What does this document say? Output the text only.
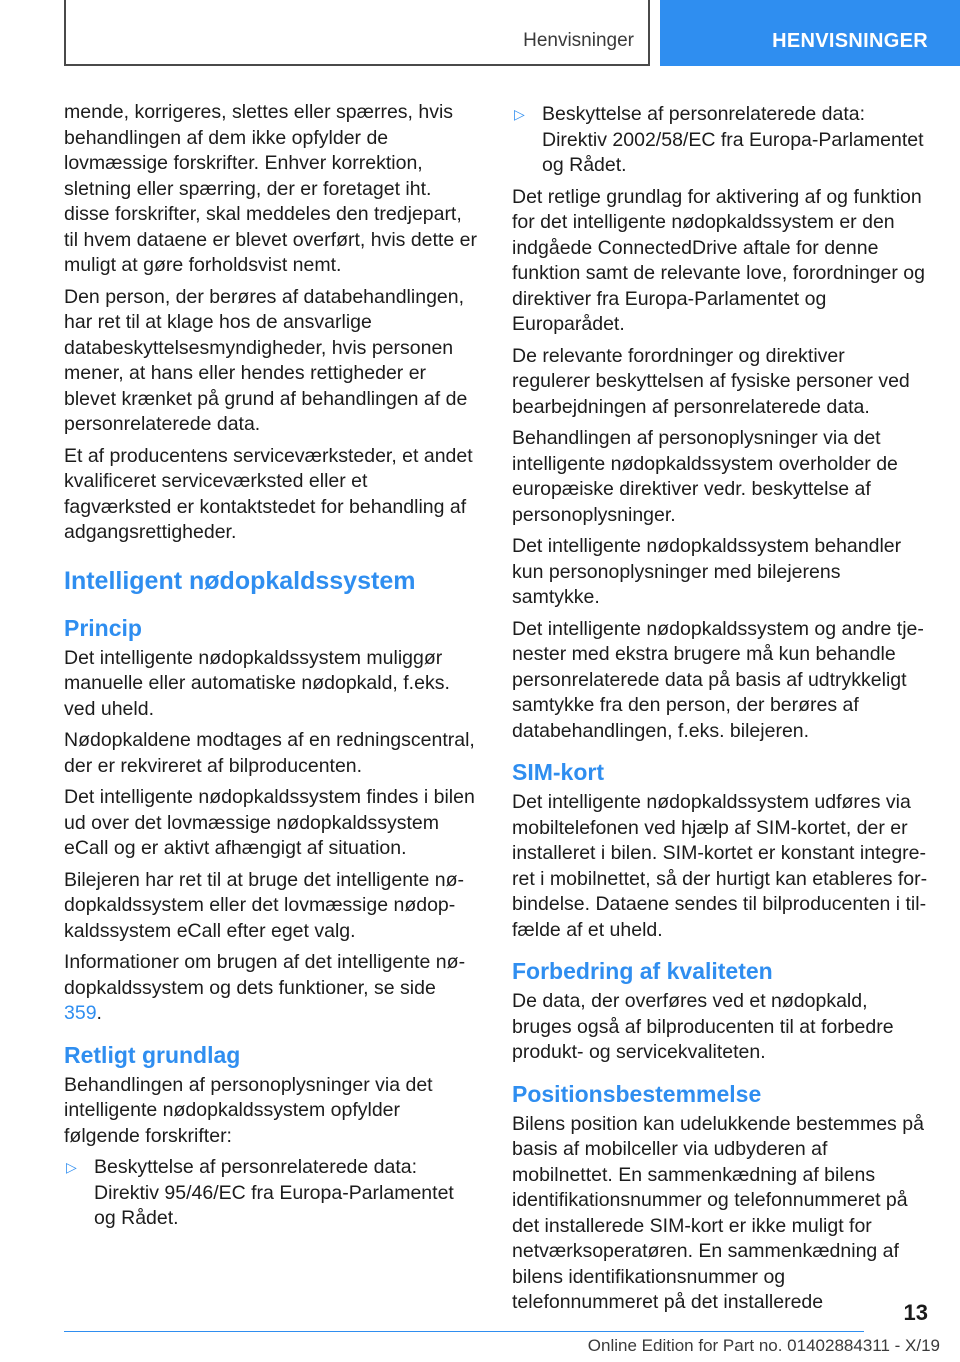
Henvisninger	HENVISNINGER

mende, korrigeres, slettes eller spærres, hvis behandlingen af dem ikke opfylder de lovmæssige forskrifter. Enhver korrektion, sletning eller spærring, der er foretaget iht. disse forskrifter, skal meddeles den tredjepart, til hvem dataene er blevet overført, hvis dette er muligt at gøre forholdsvist nemt.

Den person, der berøres af databehandlingen, har ret til at klage hos de ansvarlige databeskyttelsesmyndigheder, hvis personen mener, at hans eller hendes rettigheder er blevet krænket på grund af behandlingen af de personrelaterede data.

Et af producentens serviceværksteder, et andet kvalificeret serviceværksted eller et fagværksted er kontaktstedet for behandling af adgangsrettigheder.

Intelligent nødopkaldssystem
Princip

Det intelligente nødopkaldssystem muliggør manuelle eller automatiske nødopkald, f.eks. ved uheld.

Nødopkaldene modtages af en redningscentral, der er rekvireret af bilproducenten.

Det intelligente nødopkaldssystem findes i bilen ud over det lovmæssige nødopkaldssystem eCall og er aktivt afhængigt af situation.

Bilejeren har ret til at bruge det intelligente nødopkaldssystem eller det lovmæssige nødopkaldssystem eCall efter eget valg.

Informationer om brugen af det intelligente nødopkaldssystem og dets funktioner, se side 359.

Retligt grundlag

Behandlingen af personoplysninger via det intelligente nødopkaldssystem opfylder følgende forskrifter:

▷ Beskyttelse af personrelaterede data: Direktiv 95/46/EC fra Europa-Parlamentet og Rådet.
▷ Beskyttelse af personrelaterede data: Direktiv 2002/58/EC fra Europa-Parlamentet og Rådet.

Det retlige grundlag for aktivering af og funktion for det intelligente nødopkaldssystem er den indgåede ConnectedDrive aftale for denne funktion samt de relevante love, forordninger og direktiver fra Europa-Parlamentet og Europarådet.

De relevante forordninger og direktiver regulerer beskyttelsen af fysiske personer ved bearbejdningen af personrelaterede data.

Behandlingen af personoplysninger via det intelligente nødopkaldssystem overholder de europæiske direktiver vedr. beskyttelse af personoplysninger.

Det intelligente nødopkaldssystem behandler kun personoplysninger med bilejerens samtykke.

Det intelligente nødopkaldssystem og andre tjenester med ekstra brugere må kun behandle personrelaterede data på basis af udtrykkeligt samtykke fra den person, der berøres af databehandlingen, f.eks. bilejeren.

SIM-kort

Det intelligente nødopkaldssystem udføres via mobiltelefonen ved hjælp af SIM-kortet, der er installeret i bilen. SIM-kortet er konstant integreret i mobilnettet, så der hurtigt kan etableres forbindelse. Dataene sendes til bilproducenten i tilfælde af et uheld.

Forbedring af kvaliteten

De data, der overføres ved et nødopkald, bruges også af bilproducenten til at forbedre produkt- og servicekvaliteten.

Positionsbestemmelse

Bilens position kan udelukkende bestemmes på basis af mobilceller via udbyderen af mobilnettet. En sammenkædning af bilens identifikationsnummer og telefonnummeret på det installerede SIM-kort er ikke muligt for netværksoperatøren. En sammenkædning af bilens identifikationsnummer og telefonnummeret på det installerede	13
Online Edition for Part no. 01402884311 - X/19
